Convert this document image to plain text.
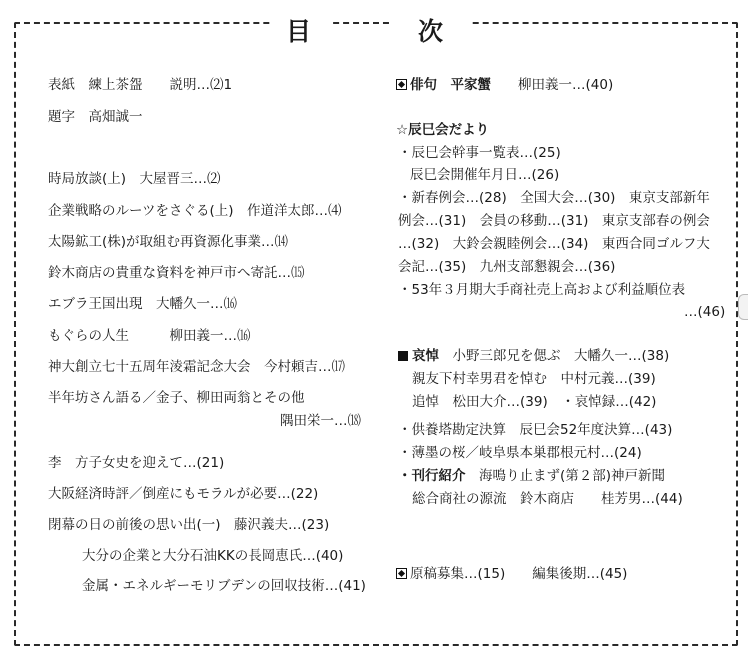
目	次
表紙　練上茶盌　　説明…⑵1
題字　高畑誠一
時局放談(上)　大屋晋三…⑵
企業戦略のルーツをさぐる(上)　作道洋太郎…⑷
太陽鉱工(株)が取組む再資源化事業…⒁
鈴木商店の貴重な資料を神戸市へ寄託…⒂
エブラ王国出現　大幡久一…⒃
もぐらの人生　　　柳田義一…⒃
神大創立七十五周年淩霜記念大会　今村頼吉…⒄
半年坊さん語る／金子、柳田両翁とその他
隅田栄一…⒅
李　方子女史を迎えて…(21)
大阪経済時評／倒産にもモラルが必要…(22)
閉幕の日の前後の思い出(一)　藤沢義夫…(23)
大分の企業と大分石油KKの長岡恵氏…(40)
金属・エネルギーモリブデンの回収技術…(41)
俳句　平家蟹　　 柳田義一…(40)
☆辰巳会だより
・辰巳会幹事一覧表…(25)
辰巳会開催年月日…(26)
・新春例会…(28)　全国大会…(30)　東京支部新年
例会…(31)　会員の移動…(31)　東京支部春の例会
…(32)　大鈴会親睦例会…(34)　東西合同ゴルフ大
会記…(35)　九州支部懇親会…(36)
・53年３月期大手商社売上高および利益順位表
…(46)
哀悼　 小野三郎兄を偲ぶ　大幡久一…(38)
親友下村幸男君を悼む　中村元義…(39)
追悼　松田大介…(39)　・哀悼録…(42)
・供養塔勘定決算　辰巳会52年度決算…(43)
・薄墨の桜／岐阜県本巣郡根元村…(24)
・刊行紹介　 海鳴り止まず(第２部)神戸新聞
総合商社の源流　鈴木商店　　桂芳男…(44)
原稿募集…(15)　　 編集後期…(45)
